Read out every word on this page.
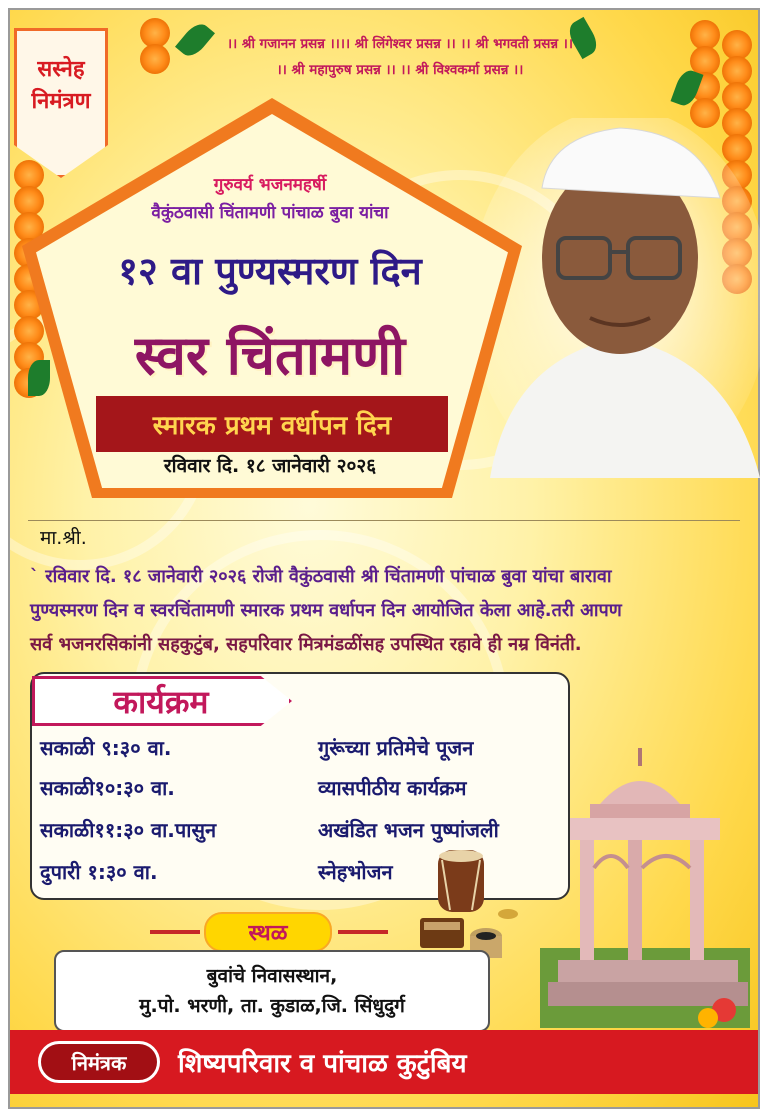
।। श्री गजानन प्रसन्न ।।।। श्री लिंगेश्वर प्रसन्न ।। ।। श्री भगवती प्रसन्न ।।
।। श्री महापुरुष प्रसन्न ।। ।। श्री विश्वकर्मा प्रसन्न ।।
सस्नेह
निमंत्रण
गुरुवर्य भजनमहर्षी
वैकुंठवासी चिंतामणी पांचाळ बुवा यांचा
१२ वा पुण्यस्मरण दिन
स्वर चिंतामणी
स्मारक प्रथम वर्धापन दिन
रविवार दि. १८ जानेवारी २०२६
मा.श्री.
` रविवार दि. १८ जानेवारी २०२६ रोजी वैकुंठवासी श्री चिंतामणी पांचाळ बुवा यांचा बारावा
पुण्यस्मरण दिन व स्वरचिंतामणी स्मारक प्रथम वर्धापन दिन आयोजित केला आहे.तरी आपण
सर्व भजनरसिकांनी सहकुटुंब, सहपरिवार मित्रमंडळींसह उपस्थित रहावे ही नम्र विनंती.
कार्यक्रम
सकाळी ९:३० वा.	गुरूंच्या प्रतिमेचे पूजन
सकाळी१०:३० वा.	व्यासपीठीय कार्यक्रम
सकाळी११:३० वा.पासुन	अखंडित भजन पुष्पांजली
दुपारी १:३० वा.	स्नेहभोजन
स्थळ
बुवांचे निवासस्थान,
मु.पो. भरणी, ता. कुडाळ,जि. सिंधुदुर्ग
निमंत्रक	शिष्यपरिवार व पांचाळ कुटुंबिय
